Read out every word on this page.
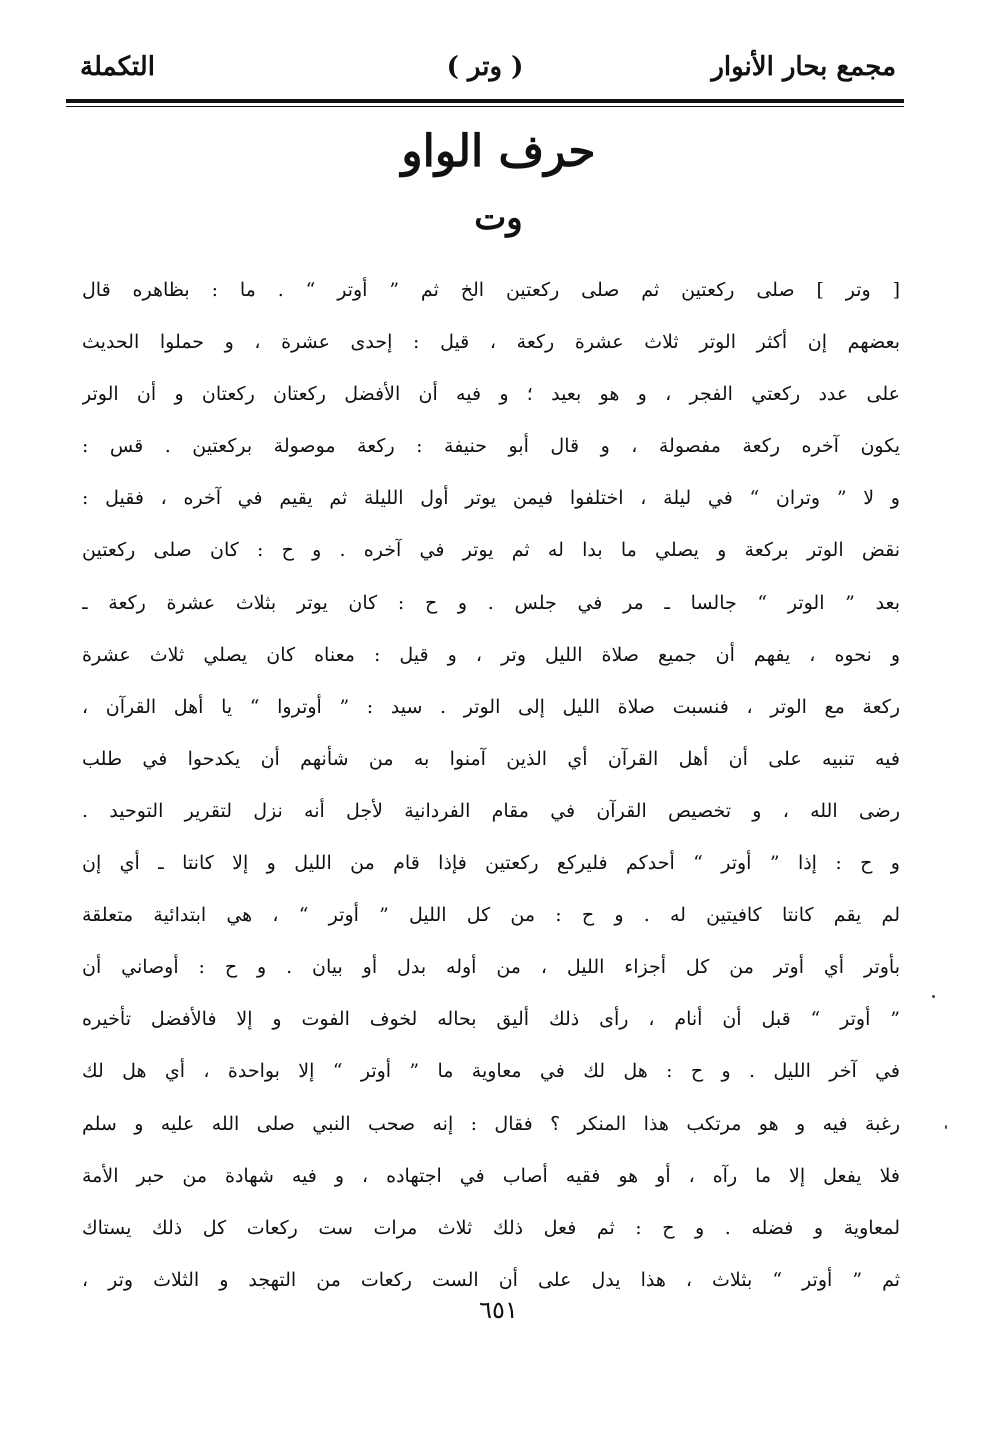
مجمع بحار الأنوار
( وتر )
التكملة
حرف الواو
وت
[ وتر ] صلى ركعتين ثم صلى ركعتين الخ ثم ” أوتر “ . ما : بظاهره قال
بعضهم إن أكثر الوتر ثلاث عشرة ركعة ، قيل : إحدى عشرة ، و حملوا الحديث
على عدد ركعتي الفجر ، و هو بعيد ؛ و فيه أن الأفضل ركعتان ركعتان و أن الوتر
يكون آخره ركعة مفصولة ، و قال أبو حنيفة : ركعة موصولة بركعتين . قس :
و لا ” وتران “ في ليلة ، اختلفوا فيمن يوتر أول الليلة ثم يقيم في آخره ، فقيل :
نقض الوتر بركعة و يصلي ما بدا له ثم يوتر في آخره . و ح : كان صلى ركعتين
بعد ” الوتر “ جالسا ـ مر في جلس . و ح : كان يوتر بثلاث عشرة ركعة ـ
و نحوه ، يفهم أن جميع صلاة الليل وتر ، و قيل : معناه كان يصلي ثلاث عشرة
ركعة مع الوتر ، فنسبت صلاة الليل إلى الوتر . سيد : ” أوتروا “ يا أهل القرآن ،
فيه تنبيه على أن أهل القرآن أي الذين آمنوا به من شأنهم أن يكدحوا في طلب
رضى الله ، و تخصيص القرآن في مقام الفردانية لأجل أنه نزل لتقرير التوحيد .
و ح : إذا ” أوتر “ أحدكم فليركع ركعتين فإذا قام من الليل و إلا كانتا ـ أي إن
لم يقم كانتا كافيتين له . و ح : من كل الليل ” أوتر “ ، هي ابتدائية متعلقة
بأوتر أي أوتر من كل أجزاء الليل ، من أوله بدل أو بيان . و ح : أوصاني أن
” أوتر “ قبل أن أنام ، رأى ذلك أليق بحاله لخوف الفوت و إلا فالأفضل تأخيره
في آخر الليل . و ح : هل لك في معاوية ما ” أوتر “ إلا بواحدة ، أي هل لك
رغبة فيه و هو مرتكب هذا المنكر ؟ فقال : إنه صحب النبي صلى الله عليه و سلم
فلا يفعل إلا ما رآه ، أو هو فقيه أصاب في اجتهاده ، و فيه شهادة من حبر الأمة
لمعاوية و فضله . و ح : ثم فعل ذلك ثلاث مرات ست ركعات كل ذلك يستاك
ثم ” أوتر “ بثلاث ، هذا يدل على أن الست ركعات من التهجد و الثلاث وتر ،
٦٥١
